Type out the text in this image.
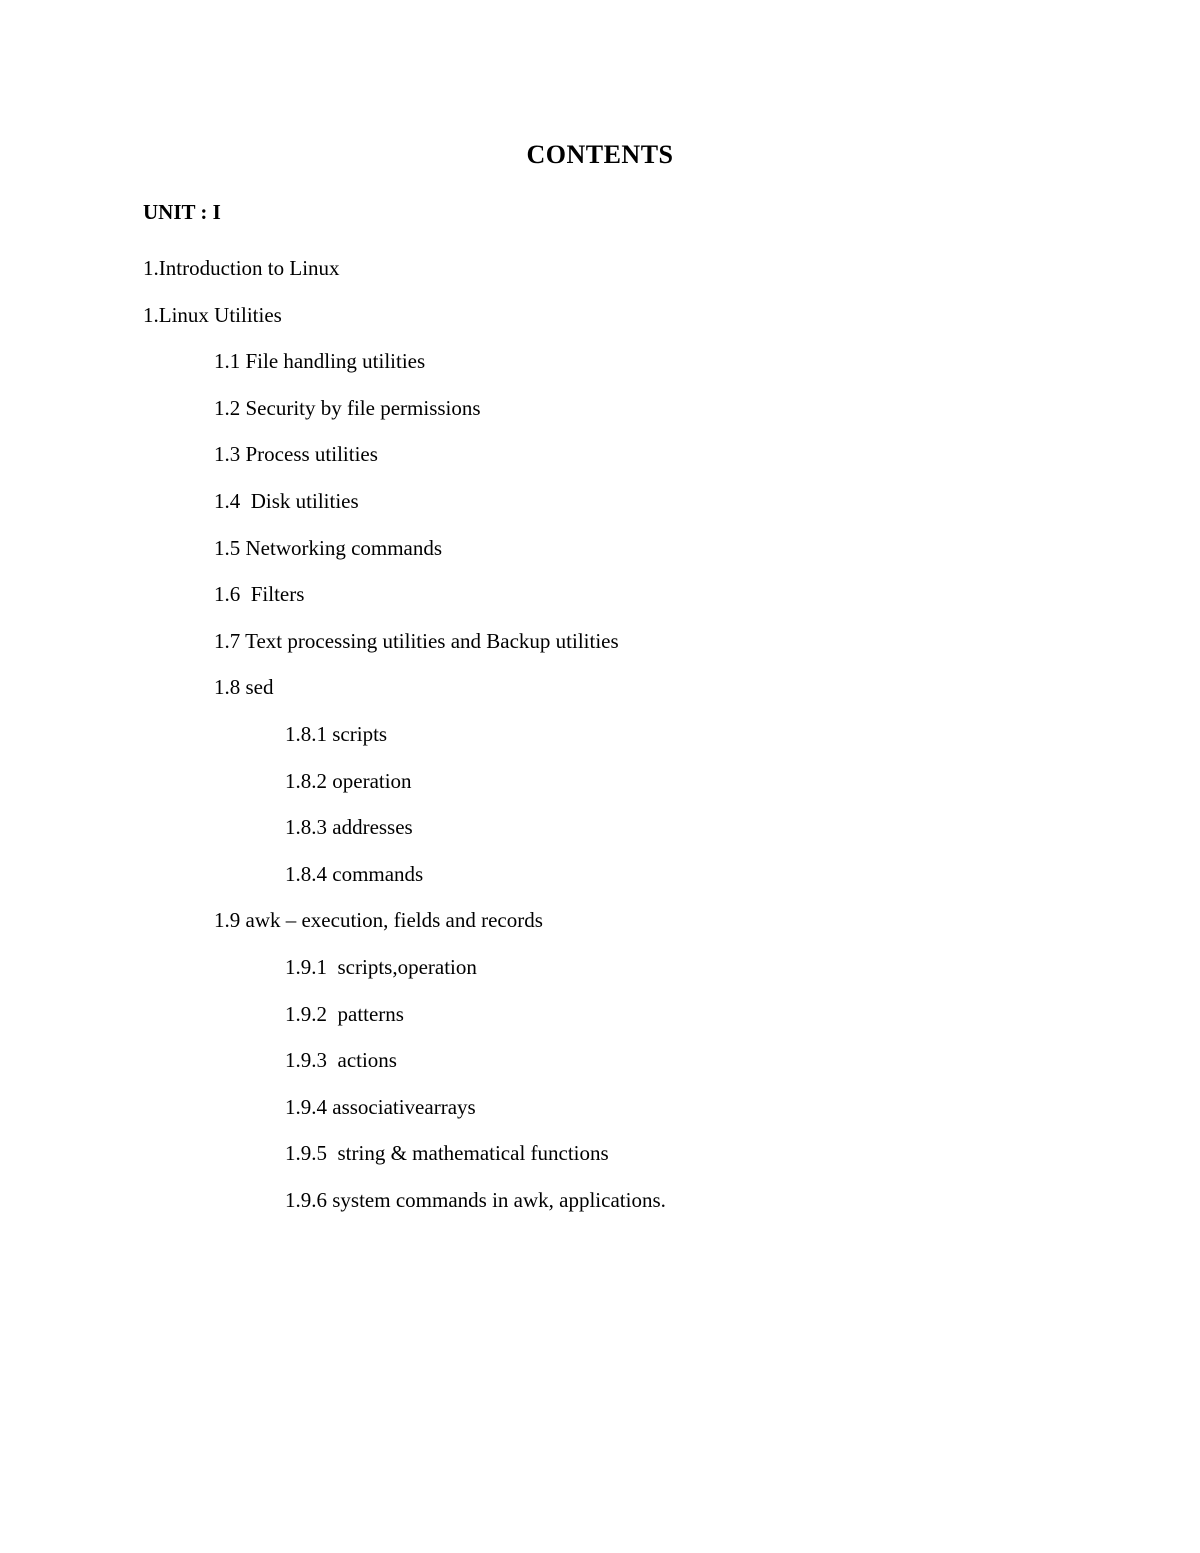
CONTENTS
UNIT : I
1.Introduction to Linux
1.Linux Utilities
1.1 File handling utilities
1.2 Security by file permissions
1.3 Process utilities
1.4  Disk utilities
1.5 Networking commands
1.6  Filters
1.7 Text processing utilities and Backup utilities
1.8 sed
1.8.1 scripts
1.8.2 operation
1.8.3 addresses
1.8.4 commands
1.9 awk – execution, fields and records
1.9.1  scripts,operation
1.9.2  patterns
1.9.3  actions
1.9.4 associativearrays
1.9.5  string & mathematical functions
1.9.6 system commands in awk, applications.
